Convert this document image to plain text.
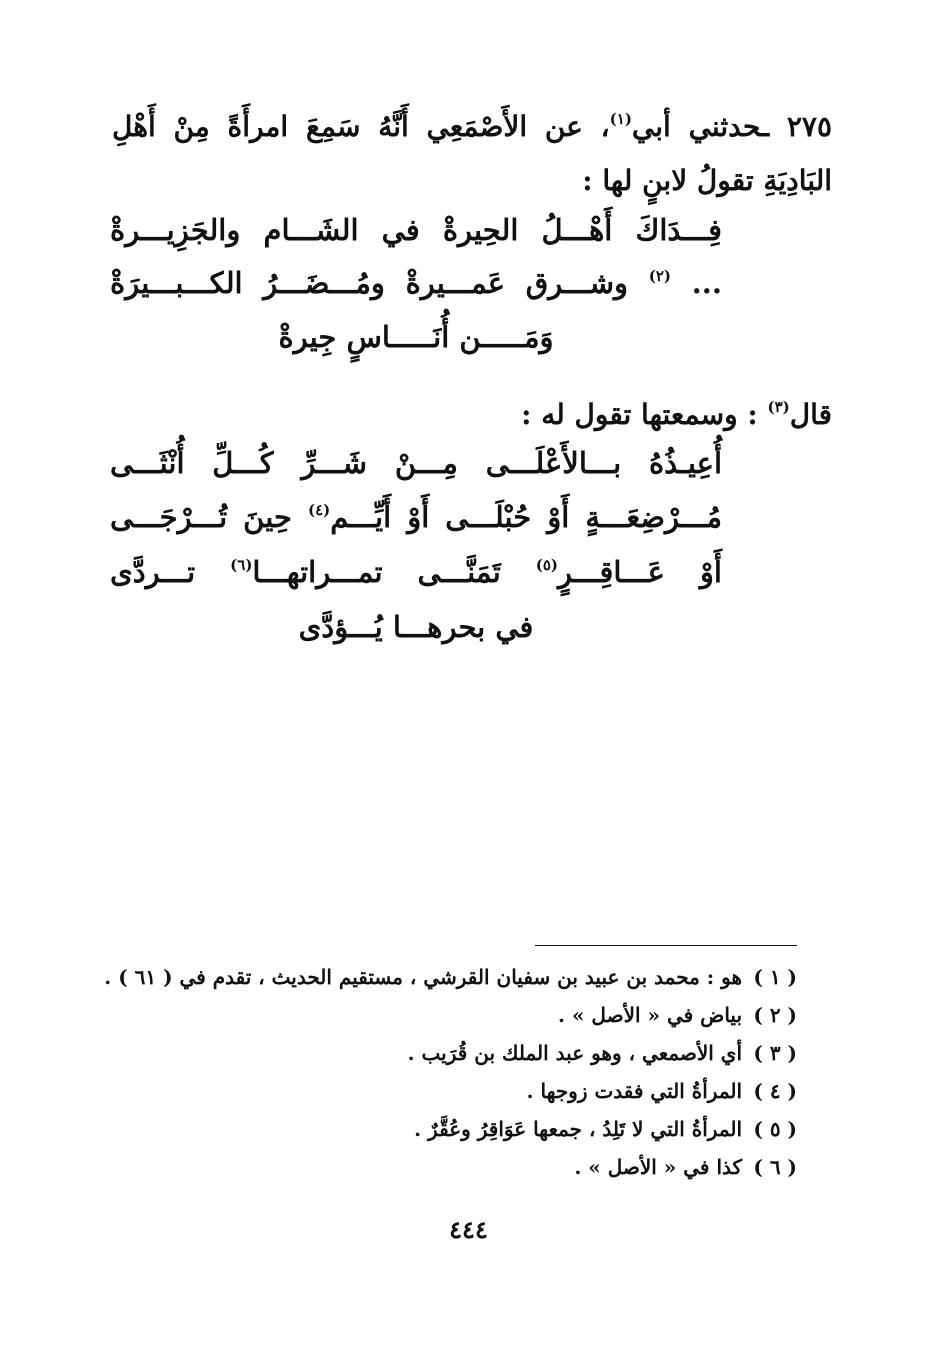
٢٧٥ ـحدثني أبي$^{(١)}$، عن الأَصْمَعِي أَنَّهُ سَمِعَ امرأَةً مِنْ أَهْلِ البَادِيَةِ تقولُ لابنٍ لها :
فِـــدَاكَ أَهْـــلُ الحِيرةْ في الشَـــام والجَزِيـــرةْ
... $^{(٢)}$ وشـــرق عَمـــيرةْ ومُـــضَـــرُ الكـــبـــيرَةْ
وَمَـــــن أُنَـــــاسٍ جِيرةْ
قال$^{(٣)}$ : وسمعتها تقول له :
أُعِيـذُهُ بـــالأَعْلَـــى مِـــنْ شَـــرِّ كُـــلِّ أُنْثَـــى
مُـــرْضِعَـــةٍ أَوْ حُبْلَـــى أَوْ أَيِّـــم$^{(٤)}$ حِينَ تُـــرْجَـــى
أَوْ عَـــاقِـــرٍ$^{(٥)}$ تَمَنَّـــى تمـــراتهـــا$^{(٦)}$ تـــردَّى
في بحرهـــا يُـــؤدَّى
( ١ ) هو : محمد بن عبيد بن سفيان القرشي ، مستقيم الحديث ، تقدم في ( ٦١ ) .
( ٢ ) بياض في « الأصل » .
( ٣ ) أي الأصمعي ، وهو عبد الملك بن قُرَيب .
( ٤ ) المرأةُ التي فقدت زوجها .
( ٥ ) المرأةُ التي لا تَلِدُ ، جمعها عَوَاقِرُ وعُقَّرٌ .
( ٦ ) كذا في « الأصل » .
٤٤٤
